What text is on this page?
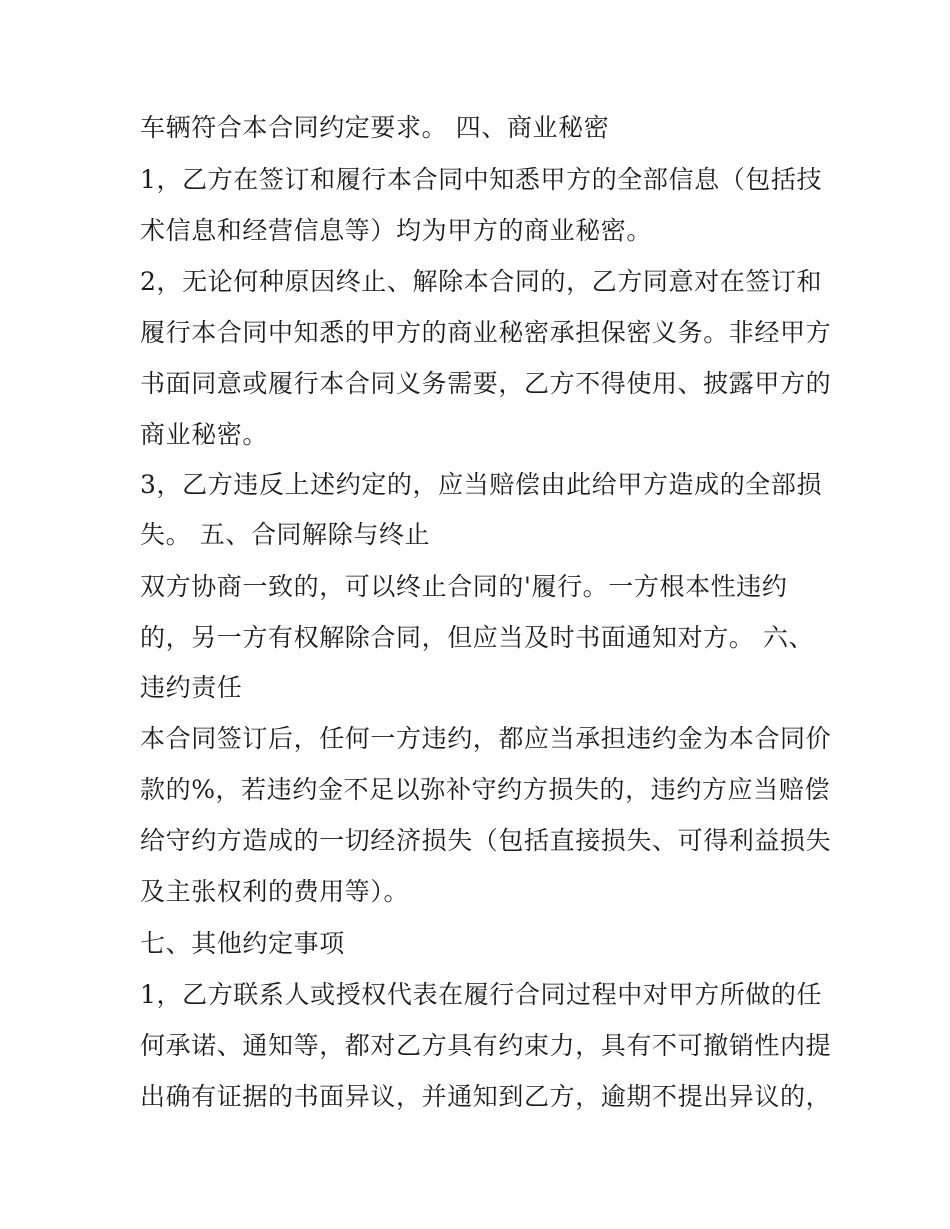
车辆符合本合同约定要求。 四、商业秘密
1，乙方在签订和履行本合同中知悉甲方的全部信息（包括技
术信息和经营信息等）均为甲方的商业秘密。
2，无论何种原因终止、解除本合同的，乙方同意对在签订和
履行本合同中知悉的甲方的商业秘密承担保密义务。非经甲方
书面同意或履行本合同义务需要，乙方不得使用、披露甲方的
商业秘密。
3，乙方违反上述约定的，应当赔偿由此给甲方造成的全部损
失。 五、合同解除与终止
双方协商一致的，可以终止合同的'履行。一方根本性违约
的，另一方有权解除合同，但应当及时书面通知对方。 六、
违约责任
本合同签订后，任何一方违约，都应当承担违约金为本合同价
款的%，若违约金不足以弥补守约方损失的，违约方应当赔偿
给守约方造成的一切经济损失（包括直接损失、可得利益损失
及主张权利的费用等）。
七、其他约定事项
1，乙方联系人或授权代表在履行合同过程中对甲方所做的任
何承诺、通知等，都对乙方具有约束力，具有不可撤销性内提
出确有证据的书面异议，并通知到乙方，逾期不提出异议的，
